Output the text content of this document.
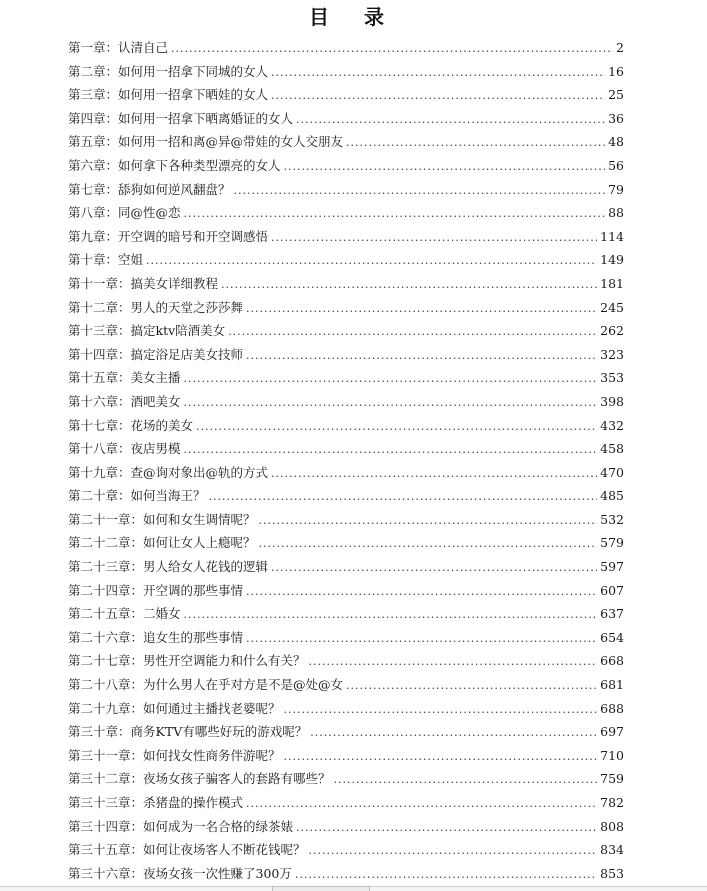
目 录
第一章： 认清自己 .....	2
第二章： 如何用一招拿下同城的女人 .....	16
第三章： 如何用一招拿下晒娃的女人 .....	25
第四章： 如何用一招拿下晒离婚证的女人 .....	36
第五章： 如何用一招和离@异@带娃的女人交朋友 .....	48
第六章： 如何拿下各种类型漂亮的女人 .....	56
第七章： 舔狗如何逆风翻盘？ .....	79
第八章： 同@性@恋 .....	88
第九章： 开空调的暗号和开空调感悟 .....	114
第十章： 空姐 .....	149
第十一章： 搞美女详细教程 .....	181
第十二章： 男人的天堂之莎莎舞 .....	245
第十三章： 搞定ktv陪酒美女 .....	262
第十四章： 搞定浴足店美女技师 .....	323
第十五章： 美女主播 .....	353
第十六章： 酒吧美女 .....	398
第十七章： 花场的美女 .....	432
第十八章： 夜店男模 .....	458
第十九章： 查@询对象出@轨的方式 .....	470
第二十章： 如何当海王？ .....	485
第二十一章： 如何和女生调情呢？ .....	532
第二十二章： 如何让女人上瘾呢？ .....	579
第二十三章： 男人给女人花钱的逻辑 .....	597
第二十四章： 开空调的那些事情 .....	607
第二十五章： 二婚女 .....	637
第二十六章： 追女生的那些事情 .....	654
第二十七章： 男性开空调能力和什么有关？ .....	668
第二十八章： 为什么男人在乎对方是不是@处@女 .....	681
第二十九章： 如何通过主播找老婆呢？ .....	688
第三十章： 商务KTV有哪些好玩的游戏呢？ .....	697
第三十一章： 如何找女性商务伴游呢？ .....	710
第三十二章： 夜场女孩子骗客人的套路有哪些？ .....	759
第三十三章： 杀猪盘的操作模式 .....	782
第三十四章： 如何成为一名合格的绿茶婊 .....	808
第三十五章： 如何让夜场客人不断花钱呢？ .....	834
第三十六章： 夜场女孩一次性赚了300万 .....	853
